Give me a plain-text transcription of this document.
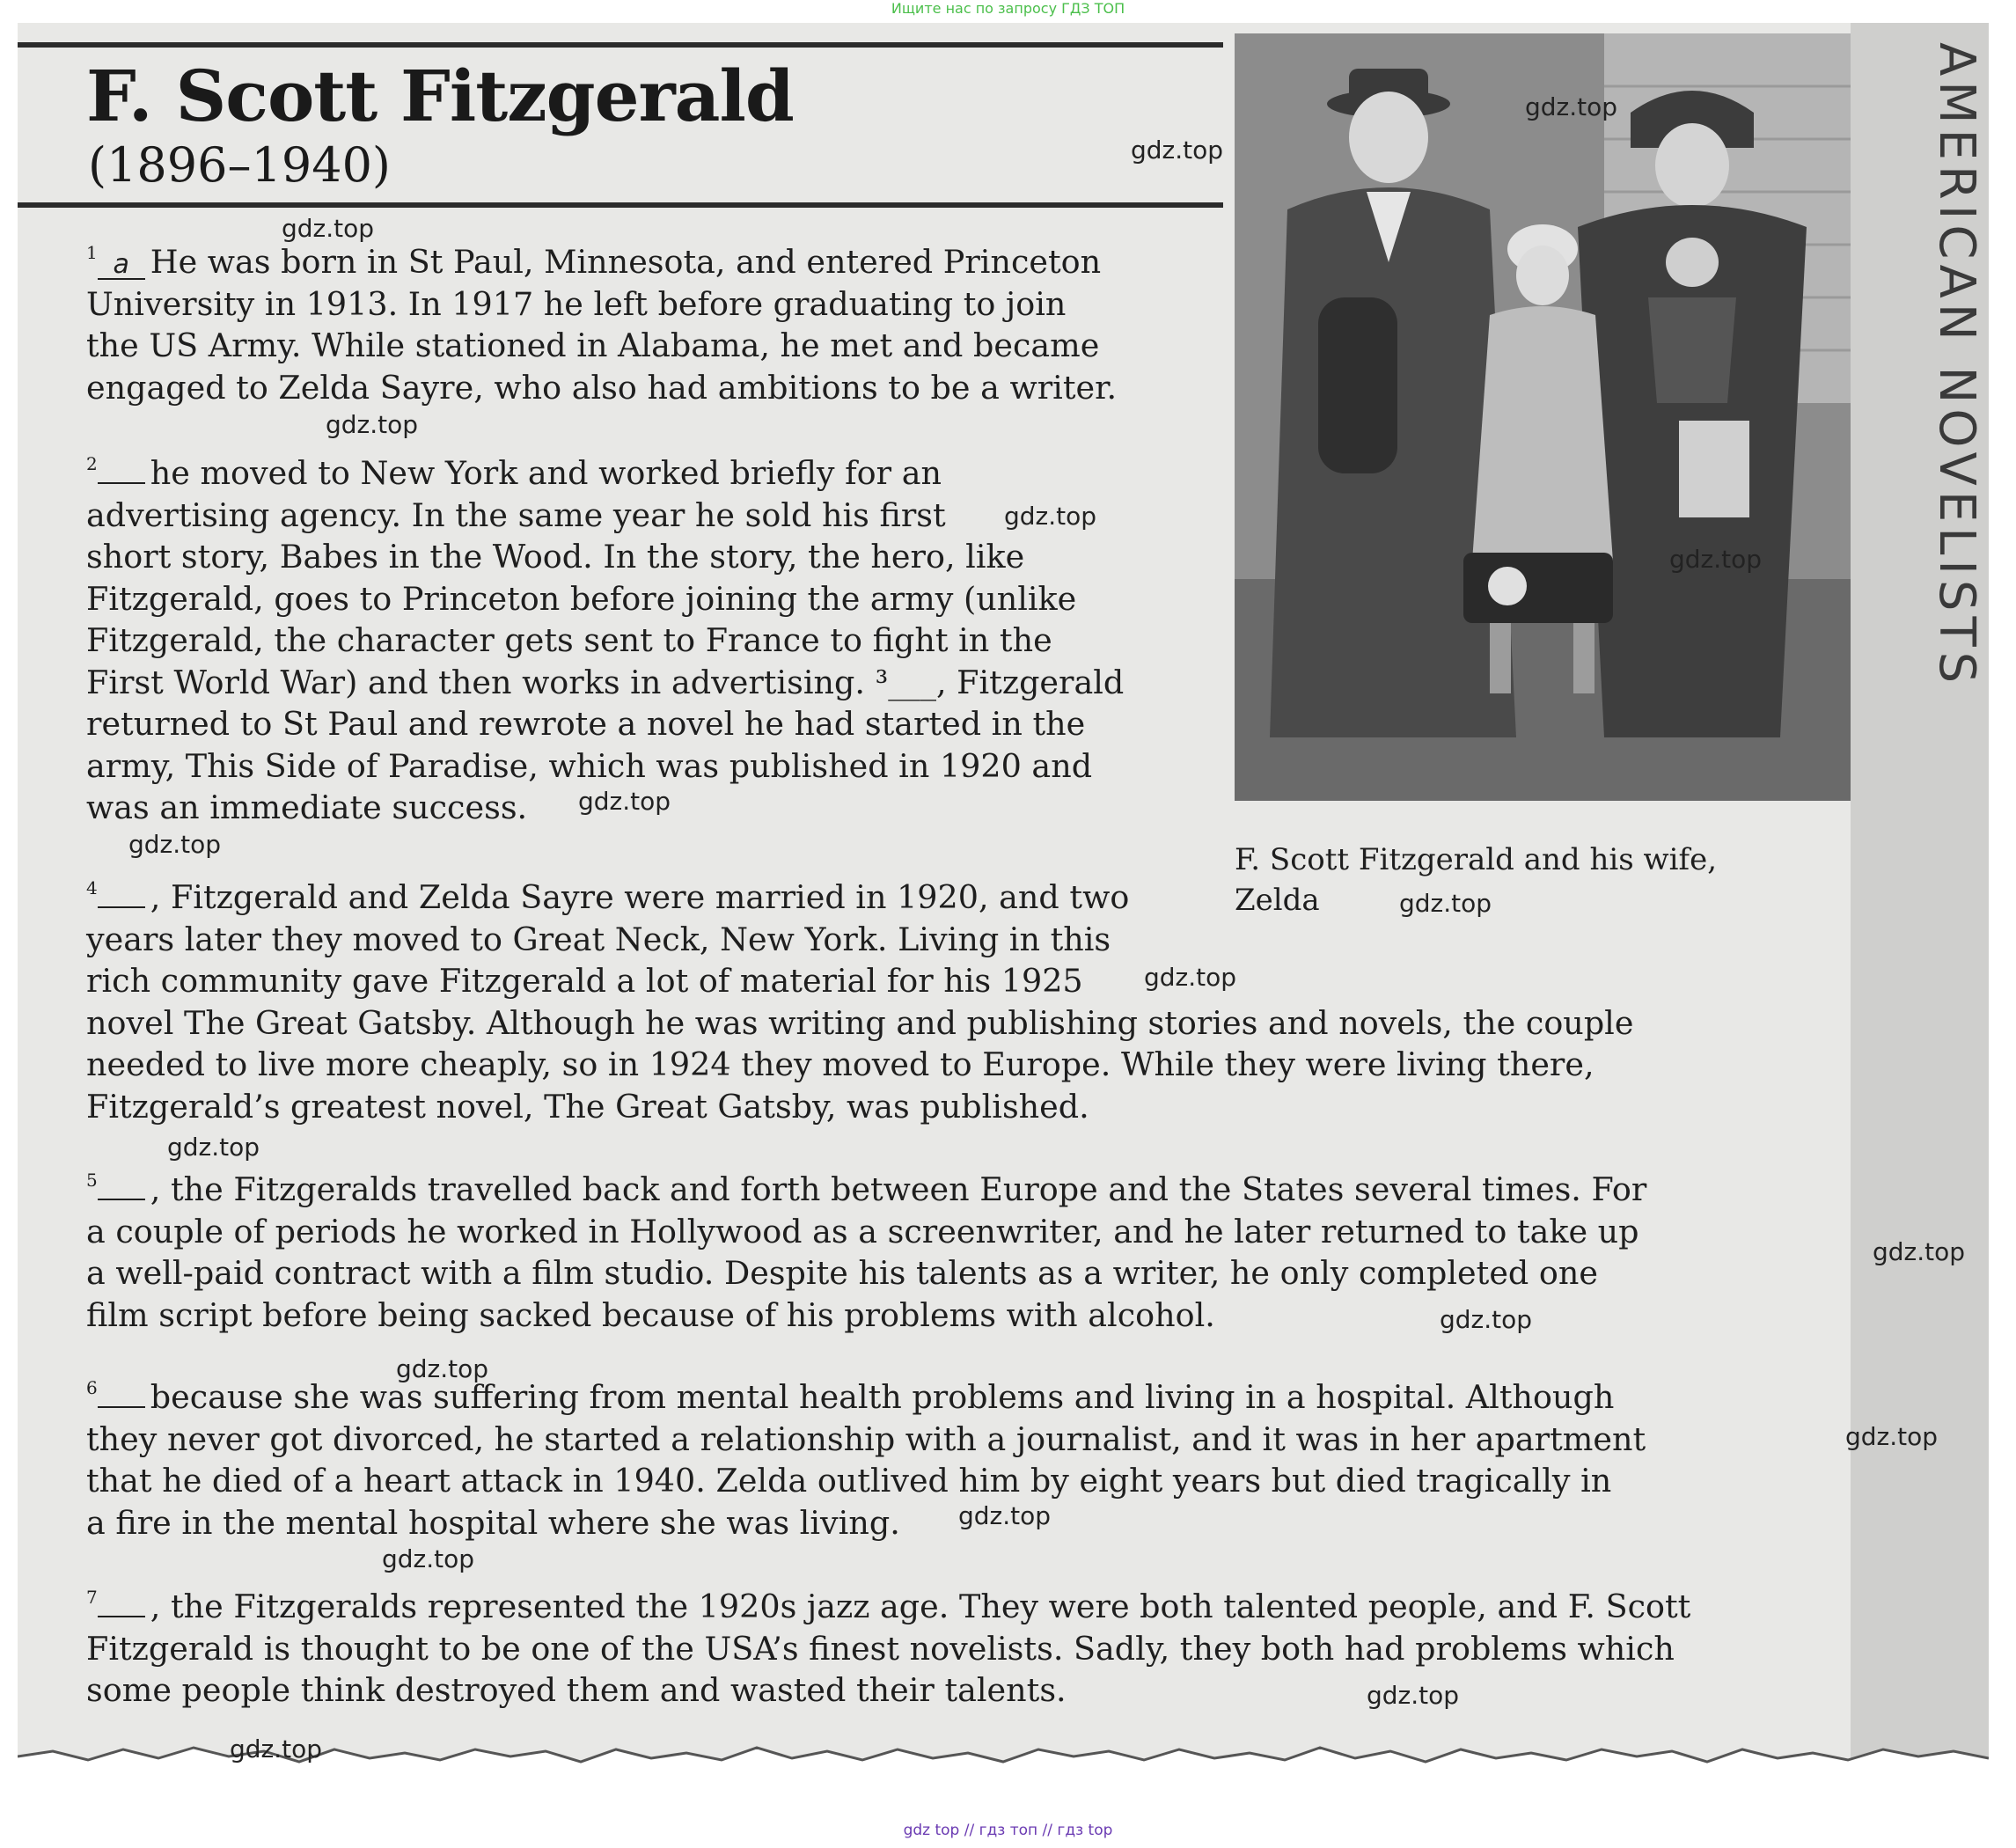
Ищите нас по запросу ГДЗ ТОП
F. Scott Fitzgerald
(1896–1940)
$^1$ a He was born in St Paul, Minnesota, and entered Princeton
University in 1913. In 1917 he left before graduating to join
the US Army. While stationed in Alabama, he met and became
engaged to Zelda Sayre, who also had ambitions to be a writer.
$^2$ he moved to New York and worked briefly for an
advertising agency. In the same year he sold his first
short story, Babes in the Wood. In the story, the hero, like
Fitzgerald, goes to Princeton before joining the army (unlike
Fitzgerald, the character gets sent to France to fight in the
First World War) and then works in advertising. ³___, Fitzgerald
returned to St Paul and rewrote a novel he had started in the
army, This Side of Paradise, which was published in 1920 and
was an immediate success.
$^4$ , Fitzgerald and Zelda Sayre were married in 1920, and two
years later they moved to Great Neck, New York. Living in this
rich community gave Fitzgerald a lot of material for his 1925
novel The Great Gatsby. Although he was writing and publishing stories and novels, the couple
needed to live more cheaply, so in 1924 they moved to Europe. While they were living there,
Fitzgerald’s greatest novel, The Great Gatsby, was published.
$^5$ , the Fitzgeralds travelled back and forth between Europe and the States several times. For
a couple of periods he worked in Hollywood as a screenwriter, and he later returned to take up
a well-paid contract with a film studio. Despite his talents as a writer, he only completed one
film script before being sacked because of his problems with alcohol.
$^6$ because she was suffering from mental health problems and living in a hospital. Although
they never got divorced, he started a relationship with a journalist, and it was in her apartment
that he died of a heart attack in 1940. Zelda outlived him by eight years but died tragically in
a fire in the mental hospital where she was living.
$^7$ , the Fitzgeralds represented the 1920s jazz age. They were both talented people, and F. Scott
Fitzgerald is thought to be one of the USA’s finest novelists. Sadly, they both had problems which
some people think destroyed them and wasted their talents.
F. Scott Fitzgerald and his wife, Zelda
AMERICAN NOVELISTS
gdz.top
gdz.top
gdz.top
gdz.top
gdz.top
gdz.top
gdz.top
gdz.top
gdz.top
gdz.top
gdz.top
gdz.top
gdz.top
gdz.top
gdz.top
gdz.top
gdz.top
gdz.top
gdz.top
gdz top // гдз топ // гдз top
